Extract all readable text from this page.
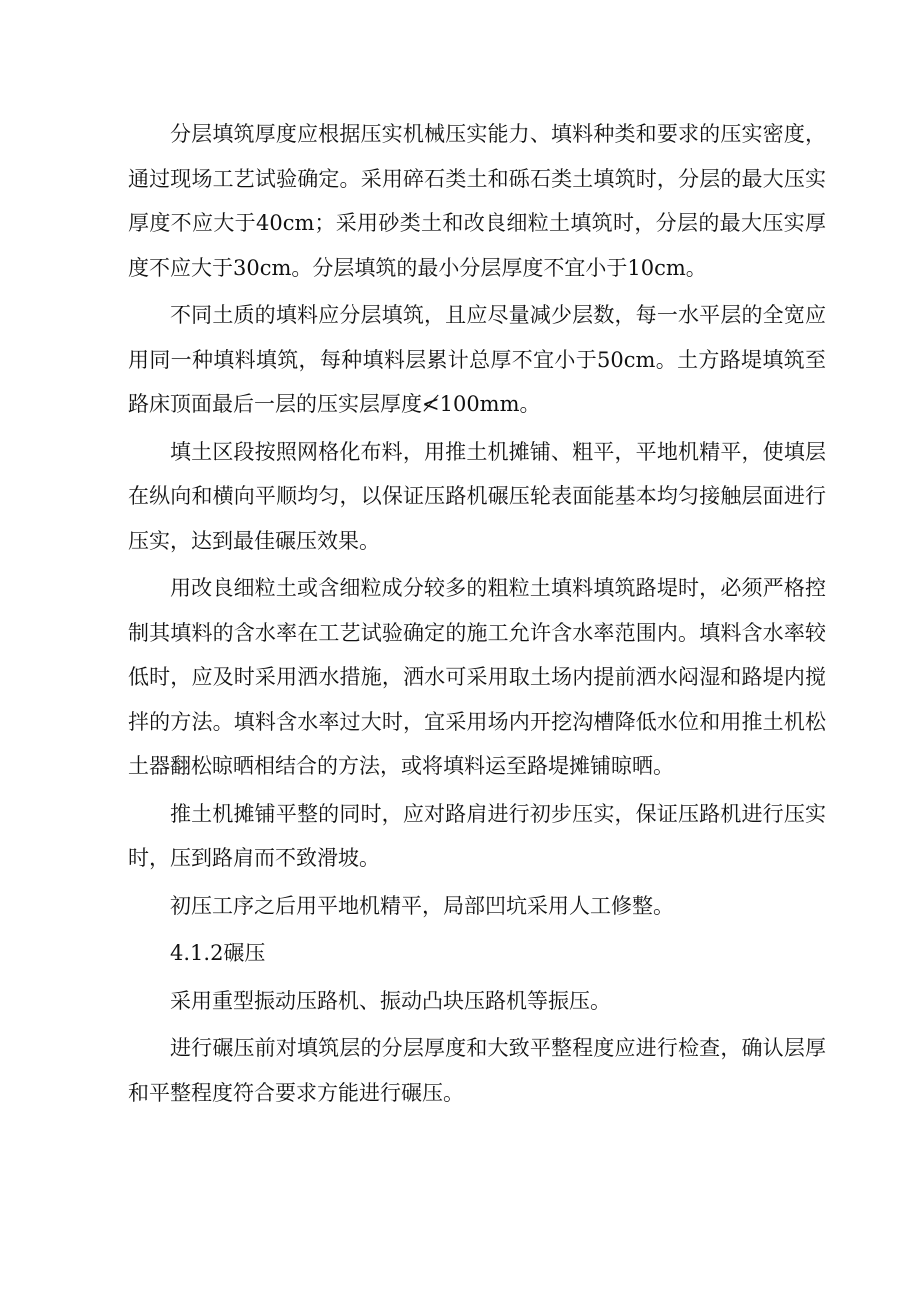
分层填筑厚度应根据压实机械压实能力、填料种类和要求的压实密度，通过现场工艺试验确定。采用碎石类土和砾石类土填筑时，分层的最大压实厚度不应大于40cm；采用砂类土和改良细粒土填筑时，分层的最大压实厚度不应大于30cm。分层填筑的最小分层厚度不宜小于10cm。

不同土质的填料应分层填筑，且应尽量减少层数，每一水平层的全宽应用同一种填料填筑，每种填料层累计总厚不宜小于50cm。土方路堤填筑至路床顶面最后一层的压实层厚度≮100mm。

填土区段按照网格化布料，用推土机摊铺、粗平，平地机精平，使填层在纵向和横向平顺均匀，以保证压路机碾压轮表面能基本均匀接触层面进行压实，达到最佳碾压效果。

用改良细粒土或含细粒成分较多的粗粒土填料填筑路堤时，必须严格控制其填料的含水率在工艺试验确定的施工允许含水率范围内。填料含水率较低时，应及时采用洒水措施，洒水可采用取土场内提前洒水闷湿和路堤内搅拌的方法。填料含水率过大时，宜采用场内开挖沟槽降低水位和用推土机松土器翻松晾晒相结合的方法，或将填料运至路堤摊铺晾晒。

推土机摊铺平整的同时，应对路肩进行初步压实，保证压路机进行压实时，压到路肩而不致滑坡。

初压工序之后用平地机精平，局部凹坑采用人工修整。

4.1.2碾压

采用重型振动压路机、振动凸块压路机等振压。

进行碾压前对填筑层的分层厚度和大致平整程度应进行检查，确认层厚和平整程度符合要求方能进行碾压。
